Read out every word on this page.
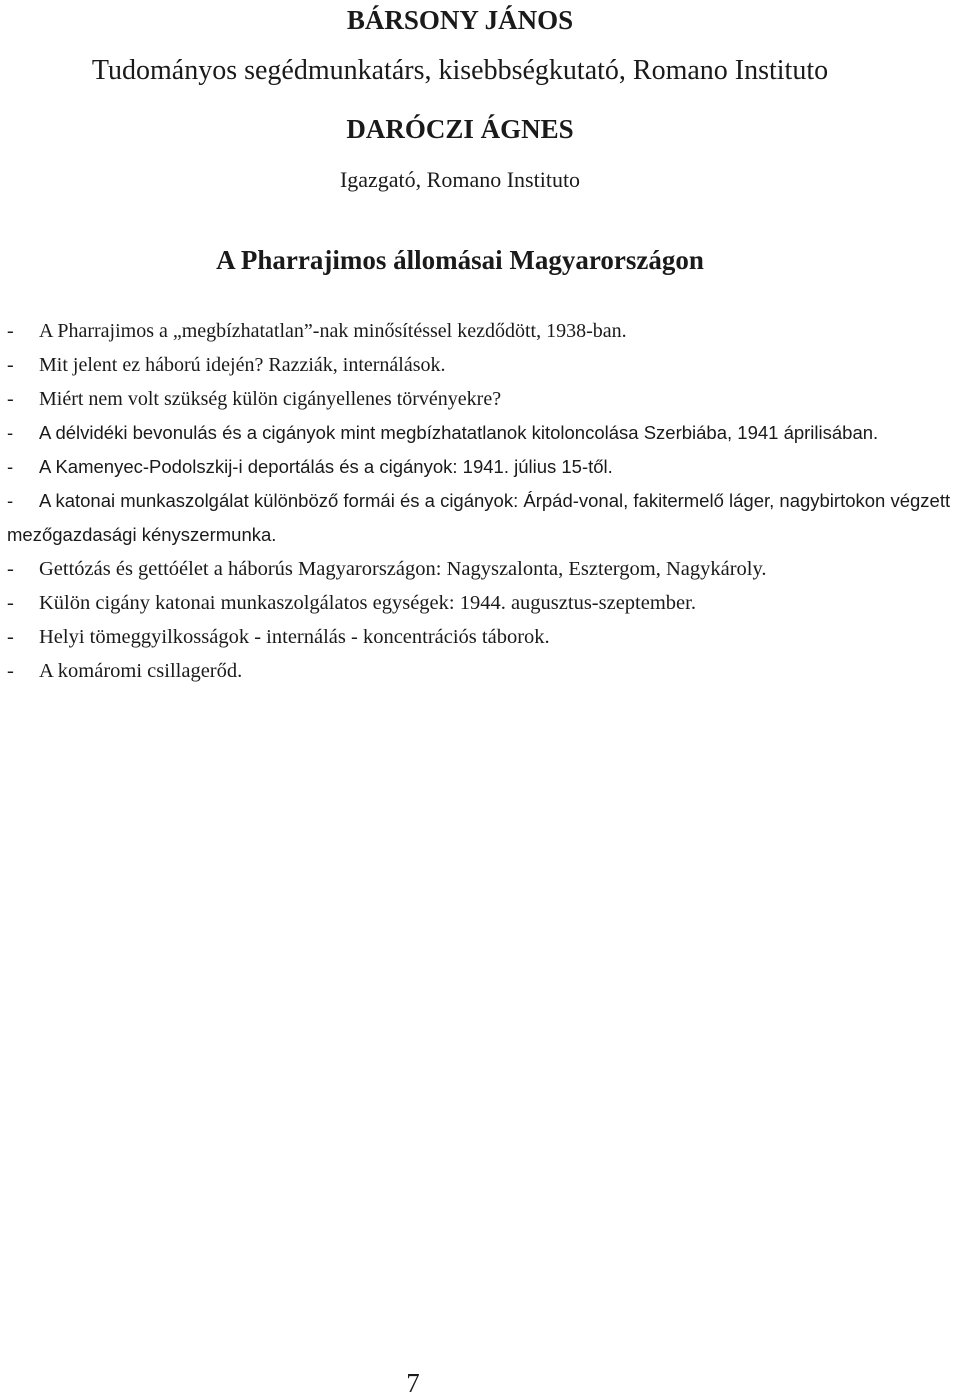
BÁRSONY JÁNOS
Tudományos segédmunkatárs, kisebbségkutató, Romano Instituto
DARÓCZI ÁGNES
Igazgató, Romano Instituto
A Pharrajimos állomásai Magyarországon

- A Pharrajimos a „megbízhatatlan”-nak minősítéssel kezdődött, 1938-ban.

- Mit jelent ez háború idején? Razziák, internálások.

- Miért nem volt szükség külön cigányellenes törvényekre?

- A délvidéki bevonulás és a cigányok mint megbízhatatlanok kitoloncolása Szerbiába, 1941 áprilisában.

- A Kamenyec-Podolszkij-i deportálás és a cigányok: 1941. július 15-től.

- A katonai munkaszolgálat különböző formái és a cigányok: Árpád-vonal, fakitermelő láger, nagybirtokon végzett mezőgazdasági kényszermunka.

- Gettózás és gettóélet a háborús Magyarországon: Nagyszalonta, Esztergom, Nagykároly.

- Külön cigány katonai munkaszolgálatos egységek: 1944. augusztus-szeptember.

- Helyi tömeggyilkosságok - internálás - koncentrációs táborok.

- A komáromi csillagerőd.

7
